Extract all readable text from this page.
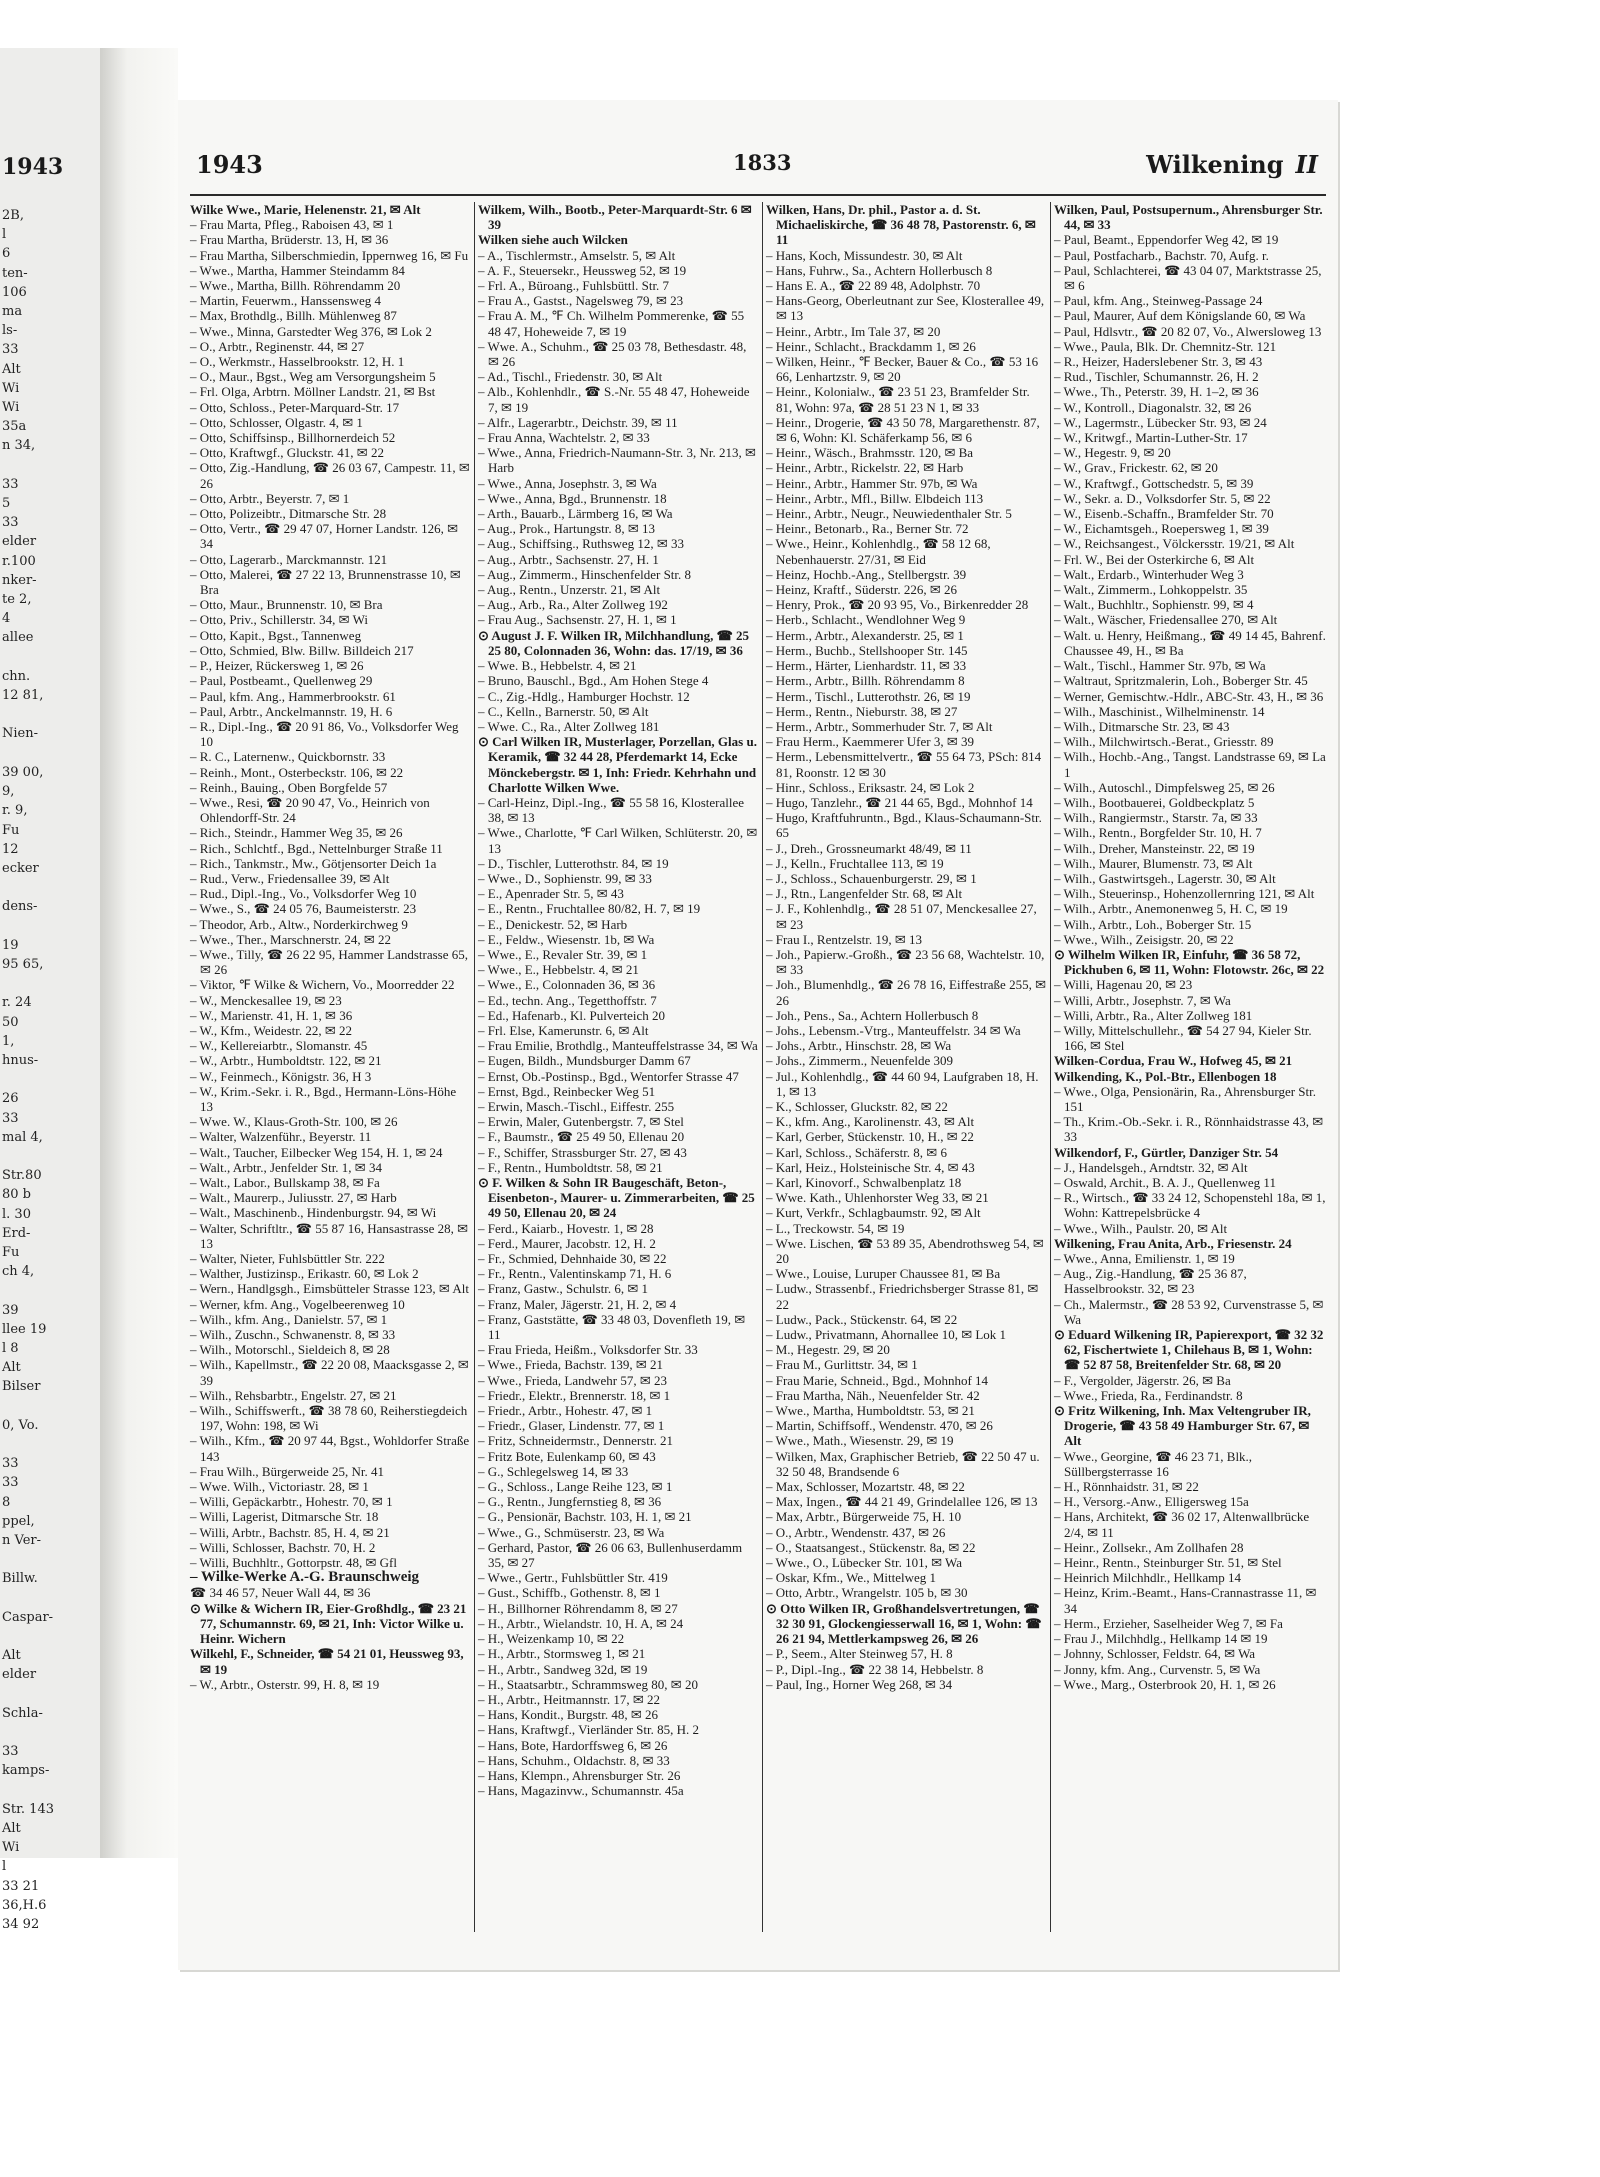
1943
2B,
l
6
ten-
106
ma
ls-
33
Alt
Wi
Wi
35a
n 34,

33
5
33
elder
r.100
nker-
te 2,
4
allee

chn.
12 81,

Nien-

39 00,
9,
r. 9,
Fu
12
ecker

dens-

19
95 65,

r. 24
50
1,
hnus-

26
33
mal 4,

Str.80
80 b
l. 30
Erd-
Fu
ch 4,

39
llee 19
l 8
Alt
Bilser

0, Vo.

33
33
8
ppel,
n Ver-

Billw.

Caspar-

Alt
elder

Schla-

33
kamps-

Str. 143
Alt
Wi
l
33 21
36,H.6
34 92
1943	1833	Wilkening II
Wilke Wwe., Marie, Helenenstr. 21, ✉ Alt
– Frau Marta, Pfleg., Raboisen 43, ✉ 1
– Frau Martha, Brüderstr. 13, H, ✉ 36
– Frau Martha, Silberschmiedin, Ippernweg 16, ✉ Fu
– Wwe., Martha, Hammer Steindamm 84
– Wwe., Martha, Billh. Röhrendamm 20
– Martin, Feuerwm., Hanssensweg 4
– Max, Brothdlg., Billh. Mühlenweg 87
– Wwe., Minna, Garstedter Weg 376, ✉ Lok 2
– O., Arbtr., Reginenstr. 44, ✉ 27
– O., Werkmstr., Hasselbrookstr. 12, H. 1
– O., Maur., Bgst., Weg am Versorgungsheim 5
– Frl. Olga, Arbtrn. Möllner Landstr. 21, ✉ Bst
– Otto, Schloss., Peter-Marquard-Str. 17
– Otto, Schlosser, Olgastr. 4, ✉ 1
– Otto, Schiffsinsp., Billhornerdeich 52
– Otto, Kraftwgf., Gluckstr. 41, ✉ 22
– Otto, Zig.-Handlung, ☎ 26 03 67, Campestr. 11, ✉ 26
– Otto, Arbtr., Beyerstr. 7, ✉ 1
– Otto, Polizeibtr., Ditmarsche Str. 28
– Otto, Vertr., ☎ 29 47 07, Horner Landstr. 126, ✉ 34
– Otto, Lagerarb., Marckmannstr. 121
– Otto, Malerei, ☎ 27 22 13, Brunnenstrasse 10, ✉ Bra
– Otto, Maur., Brunnenstr. 10, ✉ Bra
– Otto, Priv., Schillerstr. 34, ✉ Wi
– Otto, Kapit., Bgst., Tannenweg
– Otto, Schmied, Blw. Billw. Billdeich 217
– P., Heizer, Rückersweg 1, ✉ 26
– Paul, Postbeamt., Quellenweg 29
– Paul, kfm. Ang., Hammerbrookstr. 61
– Paul, Arbtr., Anckelmannstr. 19, H. 6
– R., Dipl.-Ing., ☎ 20 91 86, Vo., Volksdorfer Weg 10
– R. C., Laternenw., Quickbornstr. 33
– Reinh., Mont., Osterbeckstr. 106, ✉ 22
– Reinh., Bauing., Oben Borgfelde 57
– Wwe., Resi, ☎ 20 90 47, Vo., Heinrich von Ohlendorff-Str. 24
– Rich., Steindr., Hammer Weg 35, ✉ 26
– Rich., Schlchtf., Bgd., Nettelnburger Straße 11
– Rich., Tankmstr., Mw., Götjensorter Deich 1a
– Rud., Verw., Friedensallee 39, ✉ Alt
– Rud., Dipl.-Ing., Vo., Volksdorfer Weg 10
– Wwe., S., ☎ 24 05 76, Baumeisterstr. 23
– Theodor, Arb., Altw., Norderkirchweg 9
– Wwe., Ther., Marschnerstr. 24, ✉ 22
– Wwe., Tilly, ☎ 26 22 95, Hammer Landstrasse 65, ✉ 26
– Viktor, ℉ Wilke & Wichern, Vo., Moorredder 22
– W., Menckesallee 19, ✉ 23
– W., Marienstr. 41, H. 1, ✉ 36
– W., Kfm., Weidestr. 22, ✉ 22
– W., Kellereiarbtr., Slomanstr. 45
– W., Arbtr., Humboldtstr. 122, ✉ 21
– W., Feinmech., Königstr. 36, H 3
– W., Krim.-Sekr. i. R., Bgd., Hermann-Löns-Höhe 13
– Wwe. W., Klaus-Groth-Str. 100, ✉ 26
– Walter, Walzenführ., Beyerstr. 11
– Walt., Taucher, Eilbecker Weg 154, H. 1, ✉ 24
– Walt., Arbtr., Jenfelder Str. 1, ✉ 34
– Walt., Labor., Bullskamp 38, ✉ Fa
– Walt., Maurerp., Juliusstr. 27, ✉ Harb
– Walt., Maschinenb., Hindenburgstr. 94, ✉ Wi
– Walter, Schriftltr., ☎ 55 87 16, Hansastrasse 28, ✉ 13
– Walter, Nieter, Fuhlsbüttler Str. 222
– Walther, Justizinsp., Erikastr. 60, ✉ Lok 2
– Wern., Handlgsgh., Eimsbütteler Strasse 123, ✉ Alt
– Werner, kfm. Ang., Vogelbeerenweg 10
– Wilh., kfm. Ang., Danielstr. 57, ✉ 1
– Wilh., Zuschn., Schwanenstr. 8, ✉ 33
– Wilh., Motorschl., Sieldeich 8, ✉ 28
– Wilh., Kapellmstr., ☎ 22 20 08, Maacksgasse 2, ✉ 39
– Wilh., Rehsbarbtr., Engelstr. 27, ✉ 21
– Wilh., Schiffswerft., ☎ 38 78 60, Reiherstiegdeich 197, Wohn: 198, ✉ Wi
– Wilh., Kfm., ☎ 20 97 44, Bgst., Wohldorfer Straße 143
– Frau Wilh., Bürgerweide 25, Nr. 41
– Wwe. Wilh., Victoriastr. 28, ✉ 1
– Willi, Gepäckarbtr., Hohestr. 70, ✉ 1
– Willi, Lagerist, Ditmarsche Str. 18
– Willi, Arbtr., Bachstr. 85, H. 4, ✉ 21
– Willi, Schlosser, Bachstr. 70, H. 2
– Willi, Buchhltr., Gottorpstr. 48, ✉ Gfl
– Wilke-Werke A.-G. Braunschweig
☎ 34 46 57, Neuer Wall 44, ✉ 36
⊙ Wilke & Wichern IR, Eier-Großhdlg., ☎ 23 21 77, Schumannstr. 69, ✉ 21, Inh: Victor Wilke u. Heinr. Wichern
Wilkehl, F., Schneider, ☎ 54 21 01, Heussweg 93, ✉ 19
– W., Arbtr., Osterstr. 99, H. 8, ✉ 19
Wilkem, Wilh., Bootb., Peter-Marquardt-Str. 6 ✉ 39
Wilken siehe auch Wilcken
– A., Tischlermstr., Amselstr. 5, ✉ Alt
– A. F., Steuersekr., Heussweg 52, ✉ 19
– Frl. A., Büroang., Fuhlsbüttl. Str. 7
– Frau A., Gastst., Nagelsweg 79, ✉ 23
– Frau A. M., ℉ Ch. Wilhelm Pommerenke, ☎ 55 48 47, Hoheweide 7, ✉ 19
– Wwe. A., Schuhm., ☎ 25 03 78, Bethesdastr. 48, ✉ 26
– Ad., Tischl., Friedenstr. 30, ✉ Alt
– Alb., Kohlenhdlr., ☎ S.-Nr. 55 48 47, Hoheweide 7, ✉ 19
– Alfr., Lagerarbtr., Deichstr. 39, ✉ 11
– Frau Anna, Wachtelstr. 2, ✉ 33
– Wwe., Anna, Friedrich-Naumann-Str. 3, Nr. 213, ✉ Harb
– Wwe., Anna, Josephstr. 3, ✉ Wa
– Wwe., Anna, Bgd., Brunnenstr. 18
– Arth., Bauarb., Lärmberg 16, ✉ Wa
– Aug., Prok., Hartungstr. 8, ✉ 13
– Aug., Schiffsing., Ruthsweg 12, ✉ 33
– Aug., Arbtr., Sachsenstr. 27, H. 1
– Aug., Zimmerm., Hinschenfelder Str. 8
– Aug., Rentn., Unzerstr. 21, ✉ Alt
– Aug., Arb., Ra., Alter Zollweg 192
– Frau Aug., Sachsenstr. 27, H. 1, ✉ 1
⊙ August J. F. Wilken IR, Milchhandlung, ☎ 25 25 80, Colonnaden 36, Wohn: das. 17/19, ✉ 36
– Wwe. B., Hebbelstr. 4, ✉ 21
– Bruno, Bauschl., Bgd., Am Hohen Stege 4
– C., Zig.-Hdlg., Hamburger Hochstr. 12
– C., Kelln., Barnerstr. 50, ✉ Alt
– Wwe. C., Ra., Alter Zollweg 181
⊙ Carl Wilken IR, Musterlager, Porzellan, Glas u. Keramik, ☎ 32 44 28, Pferdemarkt 14, Ecke Mönckebergstr. ✉ 1, Inh: Friedr. Kehrhahn und Charlotte Wilken Wwe.
– Carl-Heinz, Dipl.-Ing., ☎ 55 58 16, Klosterallee 38, ✉ 13
– Wwe., Charlotte, ℉ Carl Wilken, Schlüterstr. 20, ✉ 13
– D., Tischler, Lutterothstr. 84, ✉ 19
– Wwe., D., Sophienstr. 99, ✉ 33
– E., Apenrader Str. 5, ✉ 43
– E., Rentn., Fruchtallee 80/82, H. 7, ✉ 19
– E., Denickestr. 52, ✉ Harb
– E., Feldw., Wiesenstr. 1b, ✉ Wa
– Wwe., E., Revaler Str. 39, ✉ 1
– Wwe., E., Hebbelstr. 4, ✉ 21
– Wwe., E., Colonnaden 36, ✉ 36
– Ed., techn. Ang., Tegetthoffstr. 7
– Ed., Hafenarb., Kl. Pulverteich 20
– Frl. Else, Kamerunstr. 6, ✉ Alt
– Frau Emilie, Brothdlg., Manteuffelstrasse 34, ✉ Wa
– Eugen, Bildh., Mundsburger Damm 67
– Ernst, Ob.-Postinsp., Bgd., Wentorfer Strasse 47
– Ernst, Bgd., Reinbecker Weg 51
– Erwin, Masch.-Tischl., Eiffestr. 255
– Erwin, Maler, Gutenbergstr. 7, ✉ Stel
– F., Baumstr., ☎ 25 49 50, Ellenau 20
– F., Schiffer, Strassburger Str. 27, ✉ 43
– F., Rentn., Humboldtstr. 58, ✉ 21
⊙ F. Wilken & Sohn IR Baugeschäft, Beton-, Eisenbeton-, Maurer- u. Zimmerarbeiten, ☎ 25 49 50, Ellenau 20, ✉ 24
– Ferd., Kaiarb., Hovestr. 1, ✉ 28
– Ferd., Maurer, Jacobstr. 12, H. 2
– Fr., Schmied, Dehnhaide 30, ✉ 22
– Fr., Rentn., Valentinskamp 71, H. 6
– Franz, Gastw., Schulstr. 6, ✉ 1
– Franz, Maler, Jägerstr. 21, H. 2, ✉ 4
– Franz, Gaststätte, ☎ 33 48 03, Dovenfleth 19, ✉ 11
– Frau Frieda, Heißm., Volksdorfer Str. 33
– Wwe., Frieda, Bachstr. 139, ✉ 21
– Wwe., Frieda, Landwehr 57, ✉ 23
– Friedr., Elektr., Brennerstr. 18, ✉ 1
– Friedr., Arbtr., Hohestr. 47, ✉ 1
– Friedr., Glaser, Lindenstr. 77, ✉ 1
– Fritz, Schneidermstr., Dennerstr. 21
– Fritz Bote, Eulenkamp 60, ✉ 43
– G., Schlegelsweg 14, ✉ 33
– G., Schloss., Lange Reihe 123, ✉ 1
– G., Rentn., Jungfernstieg 8, ✉ 36
– G., Pensionär, Bachstr. 103, H. 1, ✉ 21
– Wwe., G., Schmüserstr. 23, ✉ Wa
– Gerhard, Pastor, ☎ 26 06 63, Bullenhuserdamm 35, ✉ 27
– Wwe., Gertr., Fuhlsbüttler Str. 419
– Gust., Schiffb., Gothenstr. 8, ✉ 1
– H., Billhorner Röhrendamm 8, ✉ 27
– H., Arbtr., Wielandstr. 10, H. A, ✉ 24
– H., Weizenkamp 10, ✉ 22
– H., Arbtr., Stormsweg 1, ✉ 21
– H., Arbtr., Sandweg 32d, ✉ 19
– H., Staatsarbtr., Schrammsweg 80, ✉ 20
– H., Arbtr., Heitmannstr. 17, ✉ 22
– Hans, Kondit., Burgstr. 48, ✉ 26
– Hans, Kraftwgf., Vierländer Str. 85, H. 2
– Hans, Bote, Hardorffsweg 6, ✉ 26
– Hans, Schuhm., Oldachstr. 8, ✉ 33
– Hans, Klempn., Ahrensburger Str. 26
– Hans, Magazinvw., Schumannstr. 45a
Wilken, Hans, Dr. phil., Pastor a. d. St. Michaeliskirche, ☎ 36 48 78, Pastorenstr. 6, ✉ 11
– Hans, Koch, Missundestr. 30, ✉ Alt
– Hans, Fuhrw., Sa., Achtern Hollerbusch 8
– Hans E. A., ☎ 22 89 48, Adolphstr. 70
– Hans-Georg, Oberleutnant zur See, Klosterallee 49, ✉ 13
– Heinr., Arbtr., Im Tale 37, ✉ 20
– Heinr., Schlacht., Brackdamm 1, ✉ 26
– Wilken, Heinr., ℉ Becker, Bauer & Co., ☎ 53 16 66, Lenhartzstr. 9, ✉ 20
– Heinr., Kolonialw., ☎ 23 51 23, Bramfelder Str. 81, Wohn: 97a, ☎ 28 51 23 N 1, ✉ 33
– Heinr., Drogerie, ☎ 43 50 78, Margarethenstr. 87, ✉ 6, Wohn: Kl. Schäferkamp 56, ✉ 6
– Heinr., Wäsch., Brahmsstr. 120, ✉ Ba
– Heinr., Arbtr., Rickelstr. 22, ✉ Harb
– Heinr., Arbtr., Hammer Str. 97b, ✉ Wa
– Heinr., Arbtr., Mfl., Billw. Elbdeich 113
– Heinr., Arbtr., Neugr., Neuwiedenthaler Str. 5
– Heinr., Betonarb., Ra., Berner Str. 72
– Wwe., Heinr., Kohlenhdlg., ☎ 58 12 68, Nebenhauerstr. 27/31, ✉ Eid
– Heinz, Hochb.-Ang., Stellbergstr. 39
– Heinz, Kraftf., Süderstr. 226, ✉ 26
– Henry, Prok., ☎ 20 93 95, Vo., Birkenredder 28
– Herb., Schlacht., Wendlohner Weg 9
– Herm., Arbtr., Alexanderstr. 25, ✉ 1
– Herm., Buchb., Stellshooper Str. 145
– Herm., Härter, Lienhardstr. 11, ✉ 33
– Herm., Arbtr., Billh. Röhrendamm 8
– Herm., Tischl., Lutterothstr. 26, ✉ 19
– Herm., Rentn., Nieburstr. 38, ✉ 27
– Herm., Arbtr., Sommerhuder Str. 7, ✉ Alt
– Frau Herm., Kaemmerer Ufer 3, ✉ 39
– Herm., Lebensmittelvertr., ☎ 55 64 73, PSch: 814 81, Roonstr. 12 ✉ 30
– Hinr., Schloss., Eriksastr. 24, ✉ Lok 2
– Hugo, Tanzlehr., ☎ 21 44 65, Bgd., Mohnhof 14
– Hugo, Kraftfuhruntn., Bgd., Klaus-Schaumann-Str. 65
– J., Dreh., Grossneumarkt 48/49, ✉ 11
– J., Kelln., Fruchtallee 113, ✉ 19
– J., Schloss., Schauenburgerstr. 29, ✉ 1
– J., Rtn., Langenfelder Str. 68, ✉ Alt
– J. F., Kohlenhdlg., ☎ 28 51 07, Menckesallee 27, ✉ 23
– Frau I., Rentzelstr. 19, ✉ 13
– Joh., Papierw.-Großh., ☎ 23 56 68, Wachtelstr. 10, ✉ 33
– Joh., Blumenhdlg., ☎ 26 78 16, Eiffestraße 255, ✉ 26
– Joh., Pens., Sa., Achtern Hollerbusch 8
– Johs., Lebensm.-Vtrg., Manteuffelstr. 34 ✉ Wa
– Johs., Arbtr., Hinschstr. 28, ✉ Wa
– Johs., Zimmerm., Neuenfelde 309
– Jul., Kohlenhdlg., ☎ 44 60 94, Laufgraben 18, H. 1, ✉ 13
– K., Schlosser, Gluckstr. 82, ✉ 22
– K., kfm. Ang., Karolinenstr. 43, ✉ Alt
– Karl, Gerber, Stückenstr. 10, H., ✉ 22
– Karl, Schloss., Schäferstr. 8, ✉ 6
– Karl, Heiz., Holsteinische Str. 4, ✉ 43
– Karl, Kinovorf., Schwalbenplatz 18
– Wwe. Kath., Uhlenhorster Weg 33, ✉ 21
– Kurt, Verkfr., Schlagbaumstr. 92, ✉ Alt
– L., Treckowstr. 54, ✉ 19
– Wwe. Lischen, ☎ 53 89 35, Abendrothsweg 54, ✉ 20
– Wwe., Louise, Luruper Chaussee 81, ✉ Ba
– Ludw., Strassenbf., Friedrichsberger Strasse 81, ✉ 22
– Ludw., Pack., Stückenstr. 64, ✉ 22
– Ludw., Privatmann, Ahornallee 10, ✉ Lok 1
– M., Hegestr. 29, ✉ 20
– Frau M., Gurlittstr. 34, ✉ 1
– Frau Marie, Schneid., Bgd., Mohnhof 14
– Frau Martha, Näh., Neuenfelder Str. 42
– Wwe., Martha, Humboldtstr. 53, ✉ 21
– Martin, Schiffsoff., Wendenstr. 470, ✉ 26
– Wwe., Math., Wiesenstr. 29, ✉ 19
– Wilken, Max, Graphischer Betrieb, ☎ 22 50 47 u. 32 50 48, Brandsende 6
– Max, Schlosser, Mozartstr. 48, ✉ 22
– Max, Ingen., ☎ 44 21 49, Grindelallee 126, ✉ 13
– Max, Arbtr., Bürgerweide 75, H. 10
– O., Arbtr., Wendenstr. 437, ✉ 26
– O., Staatsangest., Stückenstr. 8a, ✉ 22
– Wwe., O., Lübecker Str. 101, ✉ Wa
– Oskar, Kfm., We., Mittelweg 1
– Otto, Arbtr., Wrangelstr. 105 b, ✉ 30
⊙ Otto Wilken IR, Großhandelsvertretungen, ☎ 32 30 91, Glockengiesserwall 16, ✉ 1, Wohn: ☎ 26 21 94, Mettlerkampsweg 26, ✉ 26
– P., Seem., Alter Steinweg 57, H. 8
– P., Dipl.-Ing., ☎ 22 38 14, Hebbelstr. 8
– Paul, Ing., Horner Weg 268, ✉ 34
Wilken, Paul, Postsupernum., Ahrensburger Str. 44, ✉ 33
– Paul, Beamt., Eppendorfer Weg 42, ✉ 19
– Paul, Postfacharb., Bachstr. 70, Aufg. r.
– Paul, Schlachterei, ☎ 43 04 07, Marktstrasse 25, ✉ 6
– Paul, kfm. Ang., Steinweg-Passage 24
– Paul, Maurer, Auf dem Königslande 60, ✉ Wa
– Paul, Hdlsvtr., ☎ 20 82 07, Vo., Alwersloweg 13
– Wwe., Paula, Blk. Dr. Chemnitz-Str. 121
– R., Heizer, Haderslebener Str. 3, ✉ 43
– Rud., Tischler, Schumannstr. 26, H. 2
– Wwe., Th., Peterstr. 39, H. 1–2, ✉ 36
– W., Kontroll., Diagonalstr. 32, ✉ 26
– W., Lagermstr., Lübecker Str. 93, ✉ 24
– W., Kritwgf., Martin-Luther-Str. 17
– W., Hegestr. 9, ✉ 20
– W., Grav., Frickestr. 62, ✉ 20
– W., Kraftwgf., Gottschedstr. 5, ✉ 39
– W., Sekr. a. D., Volksdorfer Str. 5, ✉ 22
– W., Eisenb.-Schaffn., Bramfelder Str. 70
– W., Eichamtsgeh., Roepersweg 1, ✉ 39
– W., Reichsangest., Völckersstr. 19/21, ✉ Alt
– Frl. W., Bei der Osterkirche 6, ✉ Alt
– Walt., Erdarb., Winterhuder Weg 3
– Walt., Zimmerm., Lohkoppelstr. 35
– Walt., Buchhltr., Sophienstr. 99, ✉ 4
– Walt., Wäscher, Friedensallee 270, ✉ Alt
– Walt. u. Henry, Heißmang., ☎ 49 14 45, Bahrenf. Chaussee 49, H., ✉ Ba
– Walt., Tischl., Hammer Str. 97b, ✉ Wa
– Waltraut, Spritzmalerin, Loh., Boberger Str. 45
– Werner, Gemischtw.-Hdlr., ABC-Str. 43, H., ✉ 36
– Wilh., Maschinist., Wilhelminenstr. 14
– Wilh., Ditmarsche Str. 23, ✉ 43
– Wilh., Milchwirtsch.-Berat., Griesstr. 89
– Wilh., Hochb.-Ang., Tangst. Landstrasse 69, ✉ La 1
– Wilh., Autoschl., Dimpfelsweg 25, ✉ 26
– Wilh., Bootbauerei, Goldbeckplatz 5
– Wilh., Rangiermstr., Starstr. 7a, ✉ 33
– Wilh., Rentn., Borgfelder Str. 10, H. 7
– Wilh., Dreher, Mansteinstr. 22, ✉ 19
– Wilh., Maurer, Blumenstr. 73, ✉ Alt
– Wilh., Gastwirtsgeh., Lagerstr. 30, ✉ Alt
– Wilh., Steuerinsp., Hohenzollernring 121, ✉ Alt
– Wilh., Arbtr., Anemonenweg 5, H. C, ✉ 19
– Wilh., Arbtr., Loh., Boberger Str. 15
– Wwe., Wilh., Zeisigstr. 20, ✉ 22
⊙ Wilhelm Wilken IR, Einfuhr, ☎ 36 58 72, Pickhuben 6, ✉ 11, Wohn: Flotowstr. 26c, ✉ 22
– Willi, Hagenau 20, ✉ 23
– Willi, Arbtr., Josephstr. 7, ✉ Wa
– Willi, Arbtr., Ra., Alter Zollweg 181
– Willy, Mittelschullehr., ☎ 54 27 94, Kieler Str. 166, ✉ Stel
Wilken-Cordua, Frau W., Hofweg 45, ✉ 21
Wilkending, K., Pol.-Btr., Ellenbogen 18
– Wwe., Olga, Pensionärin, Ra., Ahrensburger Str. 151
– Th., Krim.-Ob.-Sekr. i. R., Rönnhaidstrasse 43, ✉ 33
Wilkendorf, F., Gürtler, Danziger Str. 54
– J., Handelsgeh., Arndtstr. 32, ✉ Alt
– Oswald, Archit., B. A. J., Quellenweg 11
– R., Wirtsch., ☎ 33 24 12, Schopenstehl 18a, ✉ 1, Wohn: Kattrepelsbrücke 4
– Wwe., Wilh., Paulstr. 20, ✉ Alt
Wilkening, Frau Anita, Arb., Friesenstr. 24
– Wwe., Anna, Emilienstr. 1, ✉ 19
– Aug., Zig.-Handlung, ☎ 25 36 87, Hasselbrookstr. 32, ✉ 23
– Ch., Malermstr., ☎ 28 53 92, Curvenstrasse 5, ✉ Wa
⊙ Eduard Wilkening IR, Papierexport, ☎ 32 32 62, Fischertwiete 1, Chilehaus B, ✉ 1, Wohn: ☎ 52 87 58, Breitenfelder Str. 68, ✉ 20
– F., Vergolder, Jägerstr. 26, ✉ Ba
– Wwe., Frieda, Ra., Ferdinandstr. 8
⊙ Fritz Wilkening, Inh. Max Veltengruber IR, Drogerie, ☎ 43 58 49 Hamburger Str. 67, ✉ Alt
– Wwe., Georgine, ☎ 46 23 71, Blk., Süllbergsterrasse 16
– H., Rönnhaidstr. 31, ✉ 22
– H., Versorg.-Anw., Elligersweg 15a
– Hans, Architekt, ☎ 36 02 17, Altenwallbrücke 2/4, ✉ 11
– Heinr., Zollsekr., Am Zollhafen 28
– Heinr., Rentn., Steinburger Str. 51, ✉ Stel
– Heinrich Milchhdlr., Hellkamp 14
– Heinz, Krim.-Beamt., Hans-Crannastrasse 11, ✉ 34
– Herm., Erzieher, Saselheider Weg 7, ✉ Fa
– Frau J., Milchhdlg., Hellkamp 14 ✉ 19
– Johnny, Schlosser, Feldstr. 64, ✉ Wa
– Jonny, kfm. Ang., Curvenstr. 5, ✉ Wa
– Wwe., Marg., Osterbrook 20, H. 1, ✉ 26
